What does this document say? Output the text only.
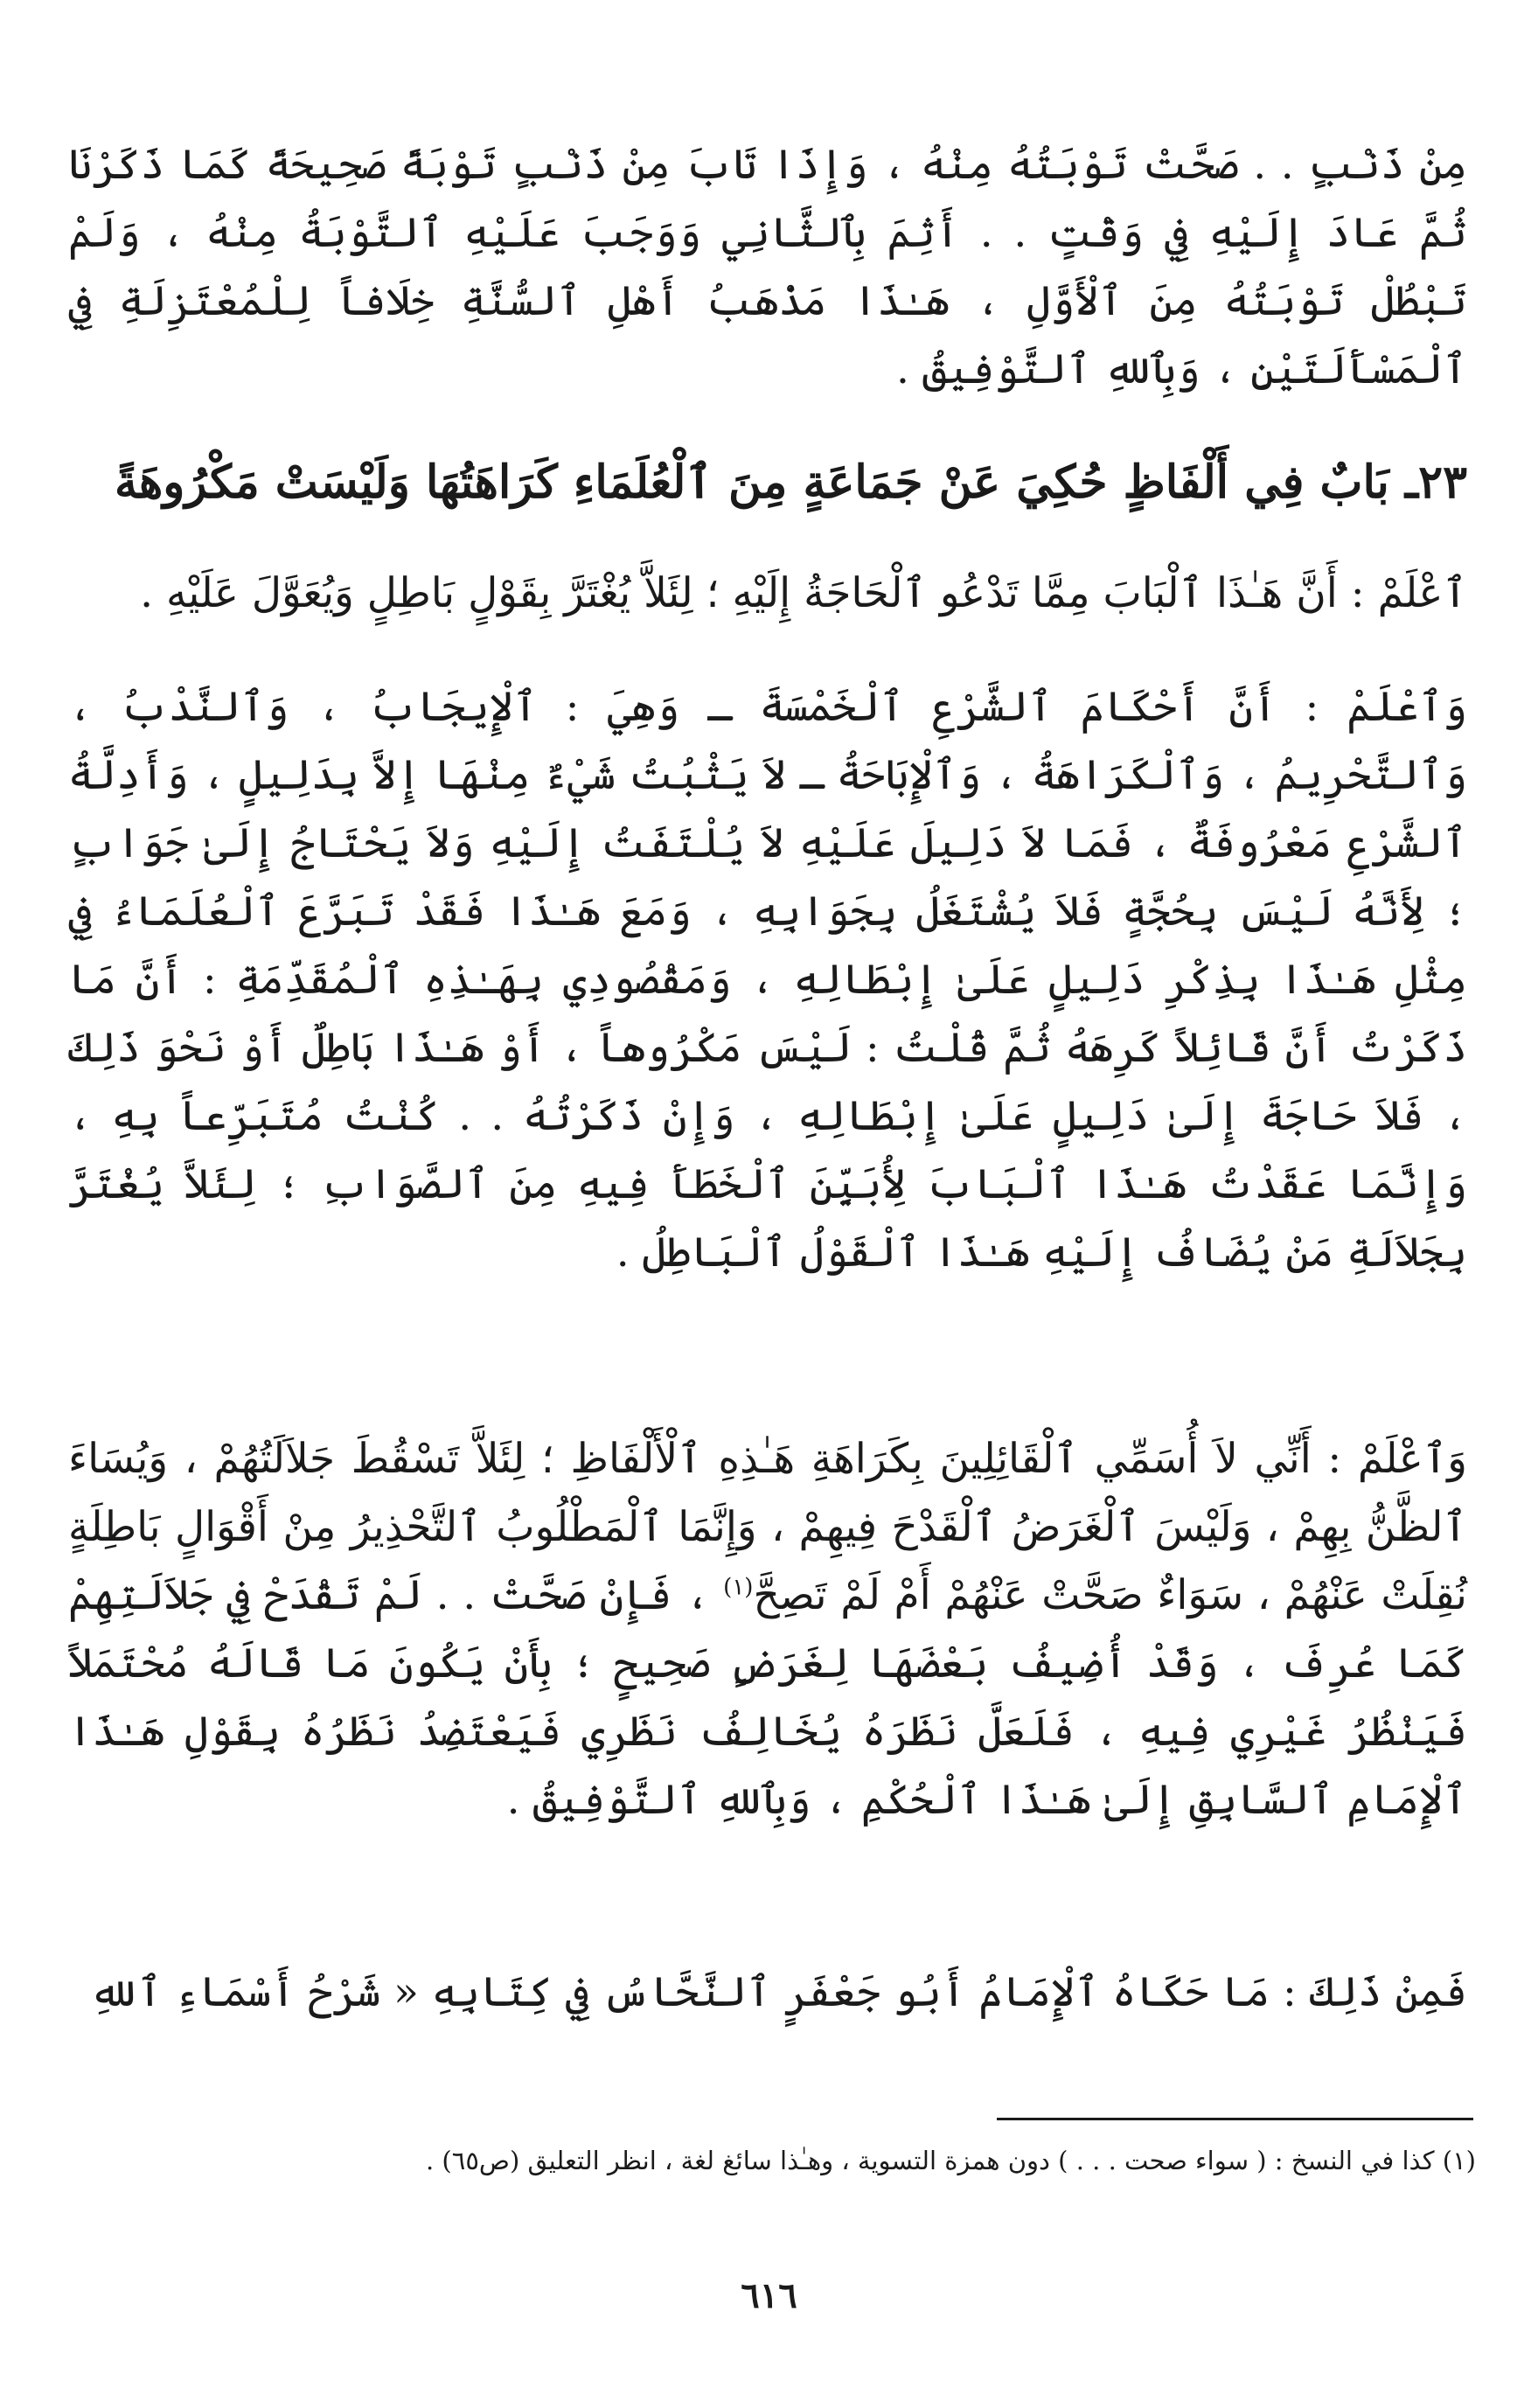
مِنْ ذَنْبٍ . . صَحَّتْ تَوْبَتُهُ مِنْهُ ، وَإِذَا تَابَ مِنْ ذَنْبٍ تَوْبَةً صَحِيحَةً كَمَا ذَكَرْنَا ثُمَّ عَادَ إِلَيْهِ فِي وَقْتٍ . . أَثِمَ بِٱلثَّانِي وَوَجَبَ عَلَيْهِ ٱلتَّوْبَةُ مِنْهُ ، وَلَمْ تَبْطُلْ تَوْبَتُهُ مِنَ ٱلْأَوَّلِ ، هَـٰذَا مَذْهَبُ أَهْلِ ٱلسُّنَّةِ خِلَافاً لِلْمُعْتَزِلَةِ فِي ٱلْمَسْأَلَتَيْنِ ، وَبِٱللهِ ٱلتَّوْفِيقُ .

٢٣ـ بَابٌ فِي أَلْفَاظٍ حُكِيَ عَنْ جَمَاعَةٍ مِنَ ٱلْعُلَمَاءِ كَرَاهَتُهَا وَلَيْسَتْ مَكْرُوهَةً

ٱعْلَمْ : أَنَّ هَـٰذَا ٱلْبَابَ مِمَّا تَدْعُو ٱلْحَاجَةُ إِلَيْهِ ؛ لِئَلاَّ يُغْتَرَّ بِقَوْلٍ بَاطِلٍ وَيُعَوَّلَ عَلَيْهِ .

وَٱعْلَمْ : أَنَّ أَحْكَامَ ٱلشَّرْعِ ٱلْخَمْسَةَ ـ وَهِيَ : ٱلْإِيجَابُ ، وَٱلنَّدْبُ ، وَٱلتَّحْرِيمُ ، وَٱلْكَرَاهَةُ ، وَٱلْإِبَاحَةُ ـ لاَ يَثْبُتُ شَيْءٌ مِنْهَا إِلاَّ بِدَلِيلٍ ، وَأَدِلَّةُ ٱلشَّرْعِ مَعْرُوفَةٌ ، فَمَا لاَ دَلِيلَ عَلَيْهِ لاَ يُلْتَفَتُ إِلَيْهِ وَلاَ يَحْتَاجُ إِلَىٰ جَوَابٍ ؛ لِأَنَّهُ لَيْسَ بِحُجَّةٍ فَلاَ يُشْتَغَلُ بِجَوَابِهِ ، وَمَعَ هَـٰذَا فَقَدْ تَبَرَّعَ ٱلْعُلَمَاءُ فِي مِثْلِ هَـٰذَا بِذِكْرِ دَلِيلٍ عَلَىٰ إِبْطَالِهِ ، وَمَقْصُودِي بِهَـٰذِهِ ٱلْمُقَدِّمَةِ : أَنَّ مَا ذَكَرْتُ أَنَّ قَائِلاً كَرِهَهُ ثُمَّ قُلْتُ : لَيْسَ مَكْرُوهاً ، أَوْ هَـٰذَا بَاطِلٌ أَوْ نَحْوَ ذَلِكَ ، فَلاَ حَاجَةَ إِلَىٰ دَلِيلٍ عَلَىٰ إِبْطَالِهِ ، وَإِنْ ذَكَرْتُهُ . . كُنْتُ مُتَبَرِّعاً بِهِ ، وَإِنَّمَا عَقَدْتُ هَـٰذَا ٱلْبَابَ لِأُبَيِّنَ ٱلْخَطَأَ فِيهِ مِنَ ٱلصَّوَابِ ؛ لِئَلاَّ يُغْتَرَّ بِجَلاَلَةِ مَنْ يُضَافُ إِلَيْهِ هَـٰذَا ٱلْقَوْلُ ٱلْبَاطِلُ .

وَٱعْلَمْ : أَنِّي لاَ أُسَمِّي ٱلْقَائِلِينَ بِكَرَاهَةِ هَـٰذِهِ ٱلْأَلْفَاظِ ؛ لِئَلاَّ تَسْقُطَ جَلاَلَتُهُمْ ، وَيُسَاءَ ٱلظَّنُّ بِهِمْ ، وَلَيْسَ ٱلْغَرَضُ ٱلْقَدْحَ فِيهِمْ ، وَإِنَّمَا ٱلْمَطْلُوبُ ٱلتَّحْذِيرُ مِنْ أَقْوَالٍ بَاطِلَةٍ نُقِلَتْ عَنْهُمْ ، سَوَاءٌ صَحَّتْ عَنْهُمْ أَمْ لَمْ تَصِحَّ$^{(١)}$ ، فَإِنْ صَحَّتْ . . لَمْ تَقْدَحْ فِي جَلاَلَتِهِمْ كَمَا عُرِفَ ، وَقَدْ أُضِيفُ بَعْضَهَا لِغَرَضٍ صَحِيحٍ ؛ بِأَنْ يَكُونَ مَا قَالَهُ مُحْتَمَلاً فَيَنْظُرُ غَيْرِي فِيهِ ، فَلَعَلَّ نَظَرَهُ يُخَالِفُ نَظَرِي فَيَعْتَضِدُ نَظَرُهُ بِقَوْلِ هَـٰذَا ٱلْإِمَامِ ٱلسَّابِقِ إِلَىٰ هَـٰذَا ٱلْحُكْمِ ، وَبِٱللهِ ٱلتَّوْفِيقُ .

فَمِنْ ذَلِكَ : مَا حَكَاهُ ٱلْإِمَامُ أَبُو جَعْفَرٍ ٱلنَّحَّاسُ فِي كِتَابِهِ « شَرْحُ أَسْمَاءِ ٱللهِ

(١) كذا في النسخ : ( سواء صحت . . . ) دون همزة التسوية ، وهـٰذا سائغ لغة ، انظر التعليق (ص٦٥) .

٦١٦
